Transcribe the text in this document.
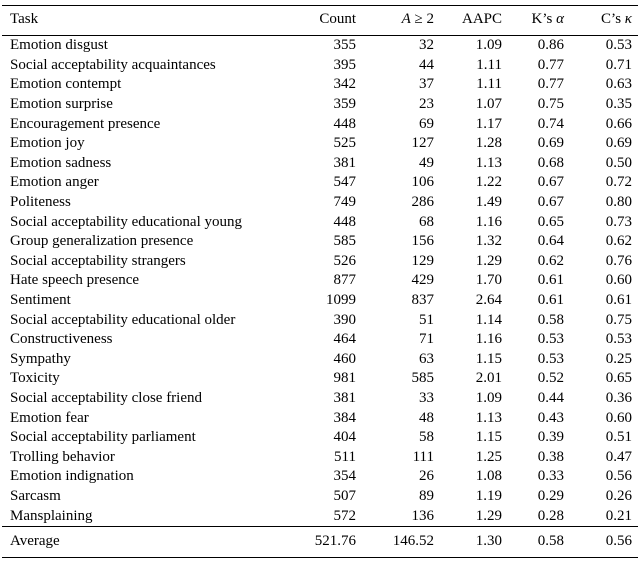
Task	Count	A ≥ 2	AAPC	K’s α	C’s κ
Emotion disgust	355	32	1.09	0.86	0.53
Social acceptability acquaintances	395	44	1.11	0.77	0.71
Emotion contempt	342	37	1.11	0.77	0.63
Emotion surprise	359	23	1.07	0.75	0.35
Encouragement presence	448	69	1.17	0.74	0.66
Emotion joy	525	127	1.28	0.69	0.69
Emotion sadness	381	49	1.13	0.68	0.50
Emotion anger	547	106	1.22	0.67	0.72
Politeness	749	286	1.49	0.67	0.80
Social acceptability educational young	448	68	1.16	0.65	0.73
Group generalization presence	585	156	1.32	0.64	0.62
Social acceptability strangers	526	129	1.29	0.62	0.76
Hate speech presence	877	429	1.70	0.61	0.60
Sentiment	1099	837	2.64	0.61	0.61
Social acceptability educational older	390	51	1.14	0.58	0.75
Constructiveness	464	71	1.16	0.53	0.53
Sympathy	460	63	1.15	0.53	0.25
Toxicity	981	585	2.01	0.52	0.65
Social acceptability close friend	381	33	1.09	0.44	0.36
Emotion fear	384	48	1.13	0.43	0.60
Social acceptability parliament	404	58	1.15	0.39	0.51
Trolling behavior	511	111	1.25	0.38	0.47
Emotion indignation	354	26	1.08	0.33	0.56
Sarcasm	507	89	1.19	0.29	0.26
Mansplaining	572	136	1.29	0.28	0.21
Average	521.76	146.52	1.30	0.58	0.56
